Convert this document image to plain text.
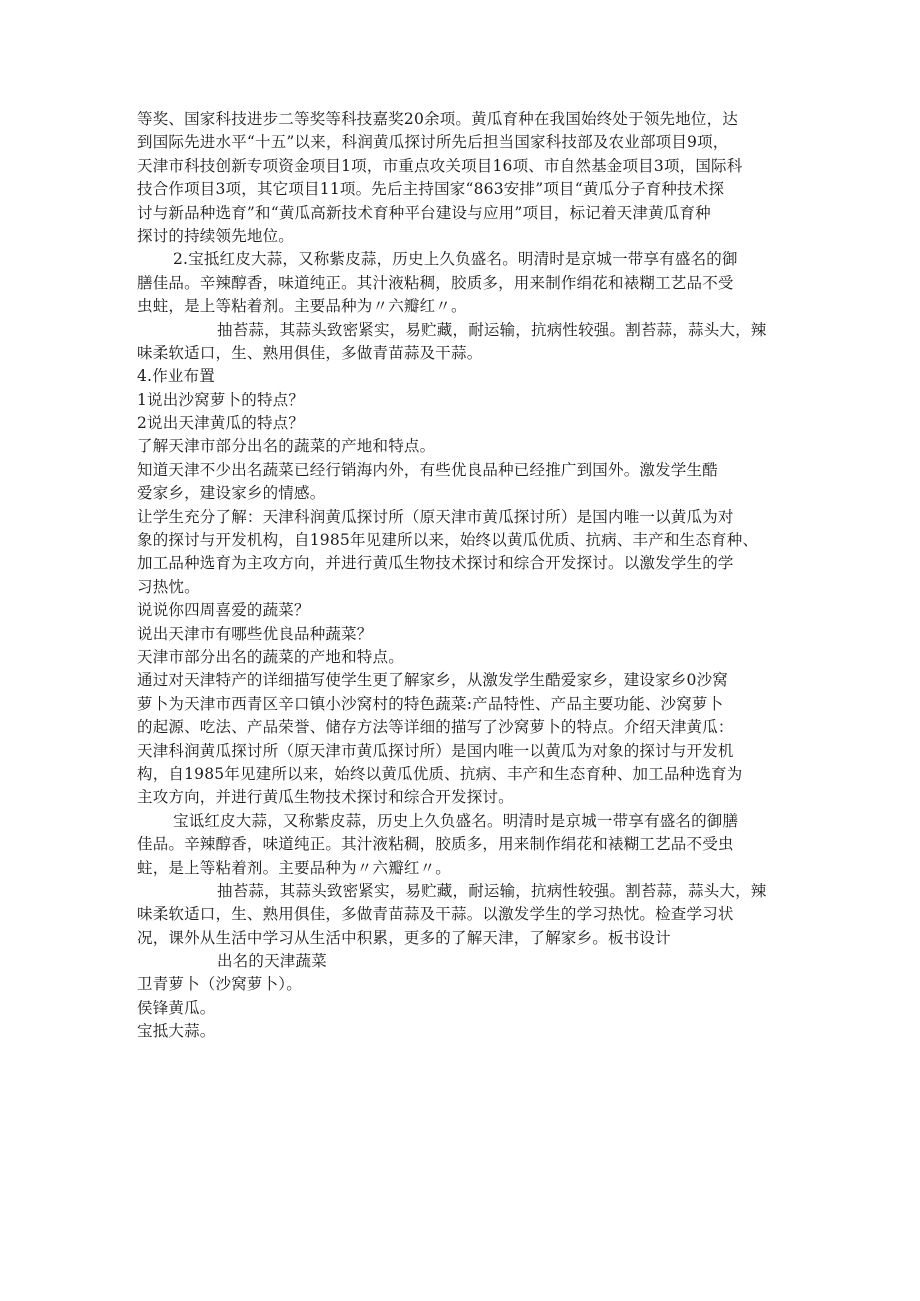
等奖、国家科技进步二等奖等科技嘉奖20余项。黄瓜育种在我国始终处于领先地位，达
到国际先进水平“十五”以来，科润黄瓜探讨所先后担当国家科技部及农业部项目9项，
天津市科技创新专项资金项目1项，市重点攻关项目16项、市自然基金项目3项，国际科
技合作项目3项，其它项目11项。先后主持国家“863安排”项目“黄瓜分子育种技术探
讨与新品种选育”和“黄瓜高新技术育种平台建设与应用”项目，标记着天津黄瓜育种
探讨的持续领先地位。
2.宝抵红皮大蒜，又称紫皮蒜，历史上久负盛名。明清时是京城一带享有盛名的御
膳佳品。辛辣醇香，味道纯正。其汁液粘稠，胶质多，用来制作绢花和裱糊工艺品不受
虫蛀，是上等粘着剂。主要品种为〃六瓣红〃。
抽苔蒜，其蒜头致密紧实，易贮藏，耐运输，抗病性较强。割苔蒜，蒜头大，辣
味柔软适口，生、熟用俱佳，多做青苗蒜及干蒜。
4.作业布置
1说出沙窝萝卜的特点？
2说出天津黄瓜的特点？
了解天津市部分出名的蔬菜的产地和特点。
知道天津不少出名蔬菜已经行销海内外，有些优良品种已经推广到国外。激发学生酷
爱家乡，建设家乡的情感。
让学生充分了解：天津科润黄瓜探讨所（原天津市黄瓜探讨所）是国内唯一以黄瓜为对
象的探讨与开发机构，自1985年见建所以来，始终以黄瓜优质、抗病、丰产和生态育种、
加工品种选育为主攻方向，并进行黄瓜生物技术探讨和综合开发探讨。以激发学生的学
习热忱。
说说你四周喜爱的蔬菜？
说出天津市有哪些优良品种蔬菜？
天津市部分出名的蔬菜的产地和特点。
通过对天津特产的详细描写使学生更了解家乡，从激发学生酷爱家乡，建设家乡0沙窝
萝卜为天津市西青区辛口镇小沙窝村的特色蔬菜:产品特性、产品主要功能、沙窝萝卜
的起源、吃法、产品荣誉、储存方法等详细的描写了沙窝萝卜的特点。介绍天津黄瓜：
天津科润黄瓜探讨所（原天津市黄瓜探讨所）是国内唯一以黄瓜为对象的探讨与开发机
构，自1985年见建所以来，始终以黄瓜优质、抗病、丰产和生态育种、加工品种选育为
主攻方向，并进行黄瓜生物技术探讨和综合开发探讨。
宝诋红皮大蒜，又称紫皮蒜，历史上久负盛名。明清时是京城一带享有盛名的御膳
佳品。辛辣醇香，味道纯正。其汁液粘稠，胶质多，用来制作绢花和裱糊工艺品不受虫
蛀，是上等粘着剂。主要品种为〃六瓣红〃。
抽苔蒜，其蒜头致密紧实，易贮藏，耐运输，抗病性较强。割苔蒜，蒜头大，辣
味柔软适口，生、熟用俱佳，多做青苗蒜及干蒜。以激发学生的学习热忱。检查学习状
况，课外从生活中学习从生活中积累，更多的了解天津，了解家乡。板书设计
出名的天津蔬菜
卫青萝卜（沙窝萝卜）。
侯锋黄瓜。
宝抵大蒜。
